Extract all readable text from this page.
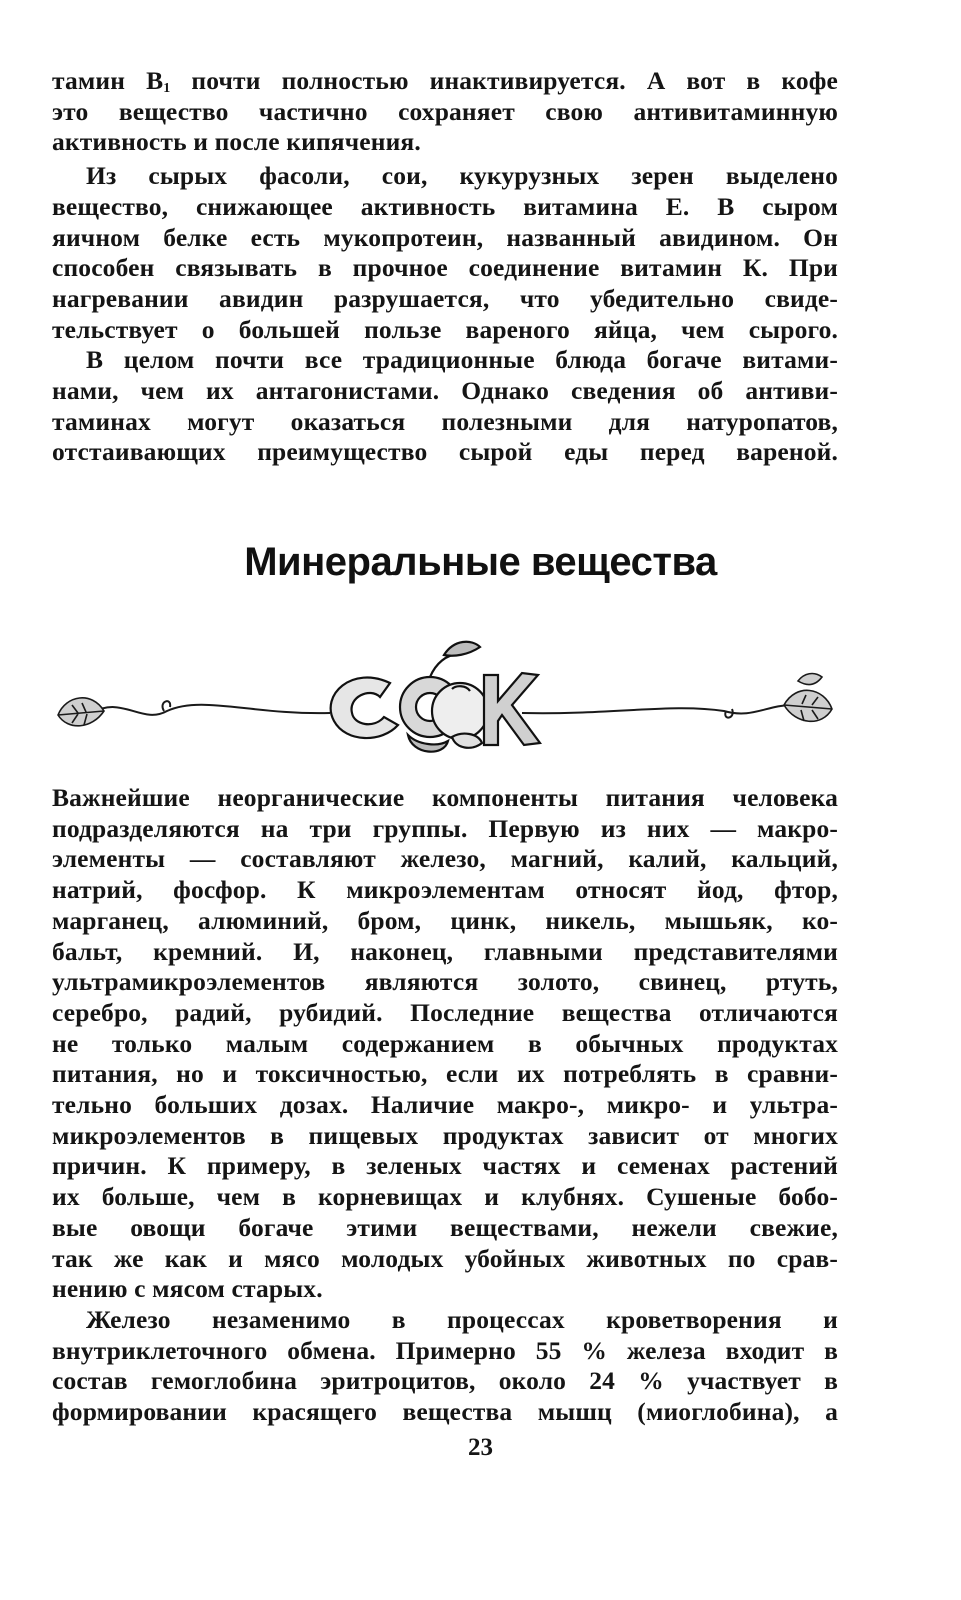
тамин $В_1$ почти полностью инактивируется. А вот в кофе
это вещество частично сохраняет свою антивитаминную
активность и после кипячения.
Из сырых фасоли, сои, кукурузных зерен выделено
вещество, снижающее активность витамина Е. В сыром
яичном белке есть мукопротеин, названный авидином. Он
способен связывать в прочное соединение витамин К. При
нагревании авидин разрушается, что убедительно свиде-
тельствует о большей пользе вареного яйца, чем сырого.
В целом почти все традиционные блюда богаче витами-
нами, чем их антагонистами. Однако сведения об антиви-
таминах могут оказаться полезными для натуропатов,
отстаивающих преимущество сырой еды перед вареной.
Минеральные вещества
СОК
Важнейшие неорганические компоненты питания человека
подразделяются на три группы. Первую из них — макро-
элементы — составляют железо, магний, калий, кальций,
натрий, фосфор. К микроэлементам относят йод, фтор,
марганец, алюминий, бром, цинк, никель, мышьяк, ко-
бальт, кремний. И, наконец, главными представителями
ультрамикроэлементов являются золото, свинец, ртуть,
серебро, радий, рубидий. Последние вещества отличаются
не только малым содержанием в обычных продуктах
питания, но и токсичностью, если их потреблять в сравни-
тельно больших дозах. Наличие макро-, микро- и ультра-
микроэлементов в пищевых продуктах зависит от многих
причин. К примеру, в зеленых частях и семенах растений
их больше, чем в корневищах и клубнях. Сушеные бобо-
вые овощи богаче этими веществами, нежели свежие,
так же как и мясо молодых убойных животных по срав-
нению с мясом старых.
Железо незаменимо в процессах кроветворения и
внутриклеточного обмена. Примерно 55 % железа входит в
состав гемоглобина эритроцитов, около 24 % участвует в
формировании красящего вещества мышц (миоглобина), а
23
